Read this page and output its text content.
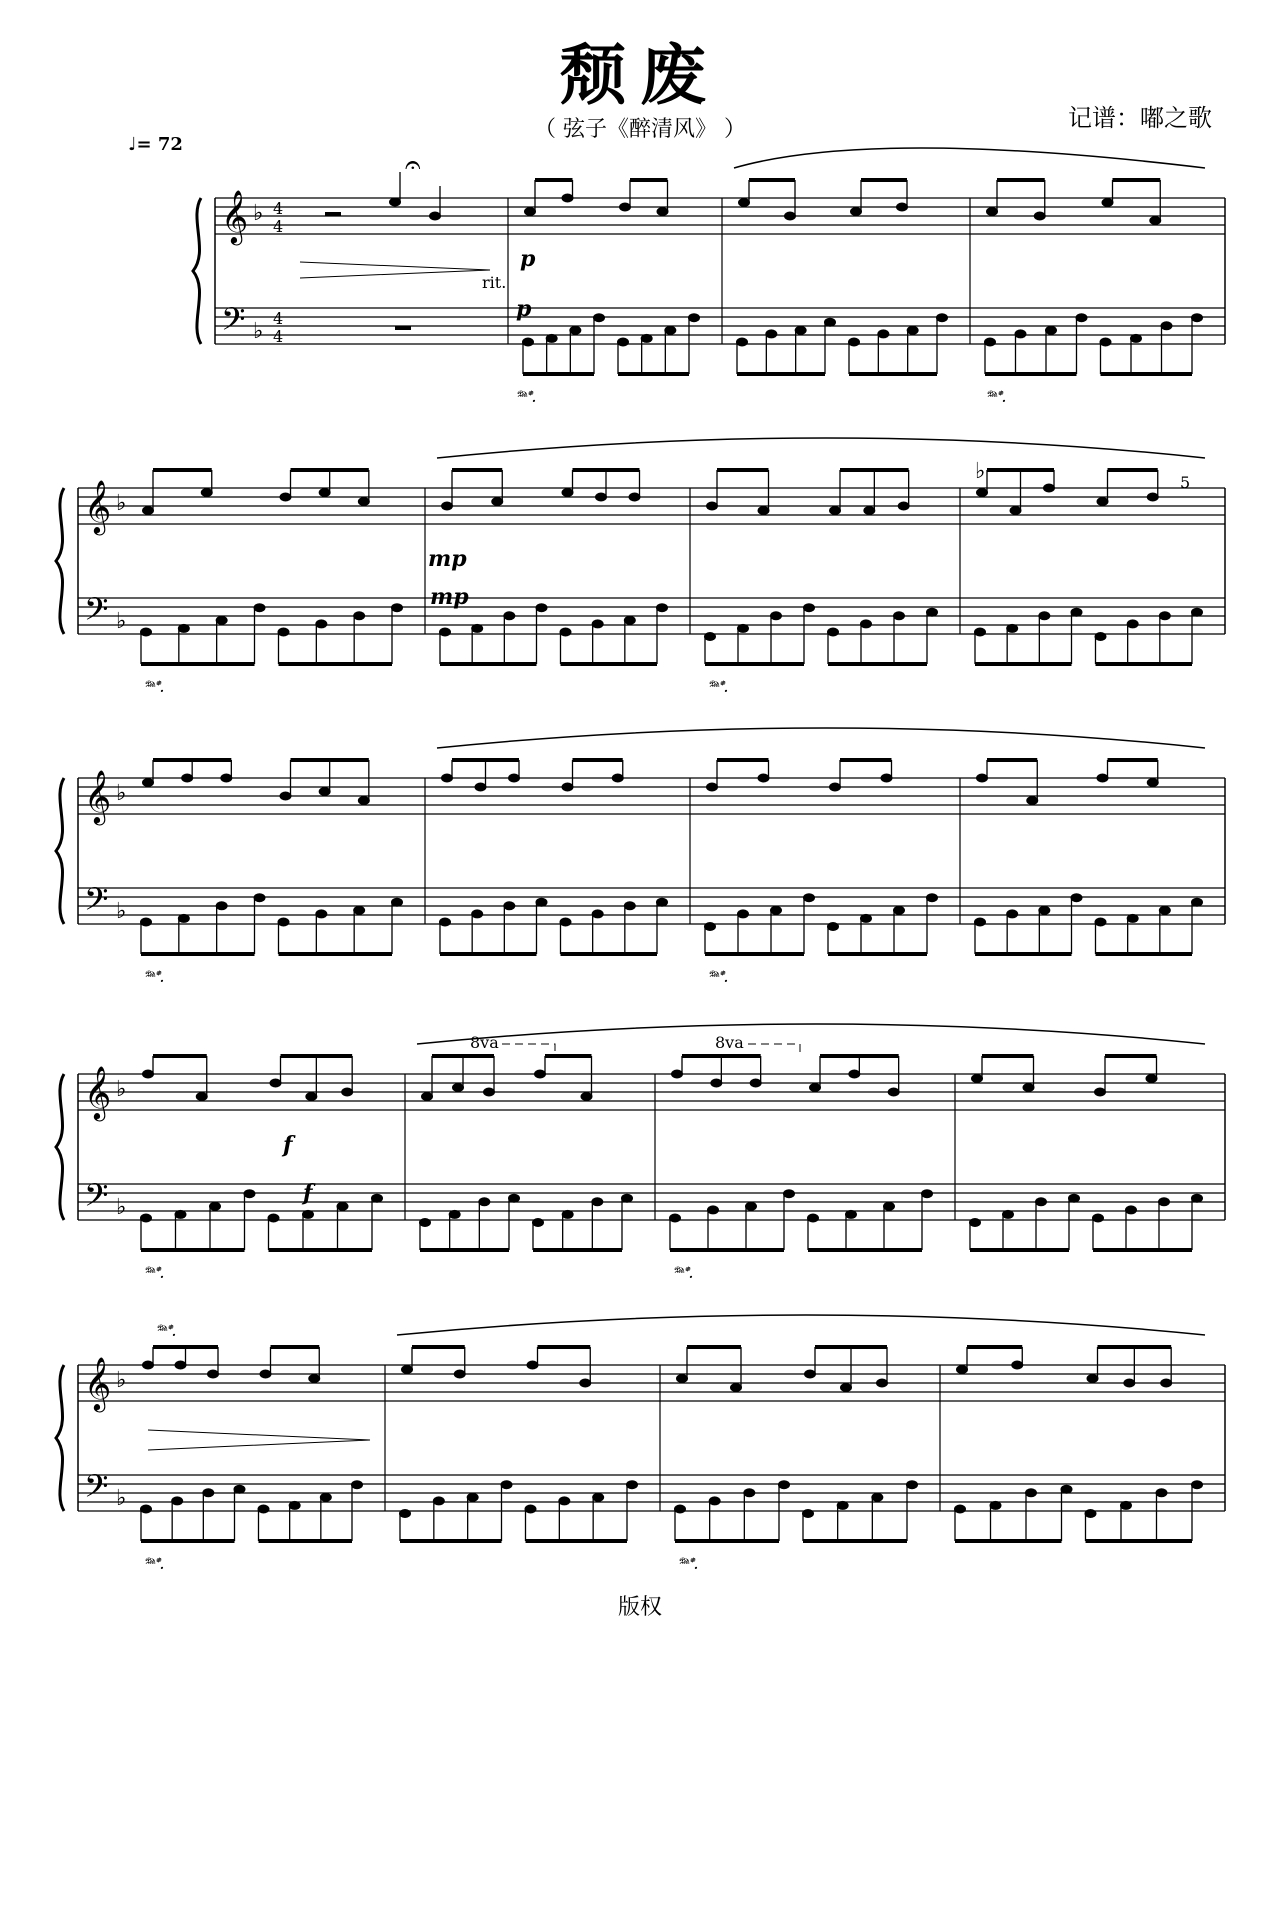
颓废
（ 弦子《醉清风》 ）	记谱：嘟之歌
♩= 72
𝄞
𝄢
♭
♭
4
4
4
4
𝆮𝆯.	𝆮𝆯.
𝄞
𝄢
♭
♭
𝆮𝆯.	𝆮𝆯.
𝄞
𝄢
♭
♭
𝆮𝆯.	𝆮𝆯.
𝄞
𝄢
♭
♭
𝆮𝆯.	𝆮𝆯.
𝄞
𝄢
♭
♭
𝆮𝆯.	𝆮𝆯.
𝄐
rit.
p
p
mp
mp
♭	5
8va	8va
f
f
𝆮𝆯.
版权
